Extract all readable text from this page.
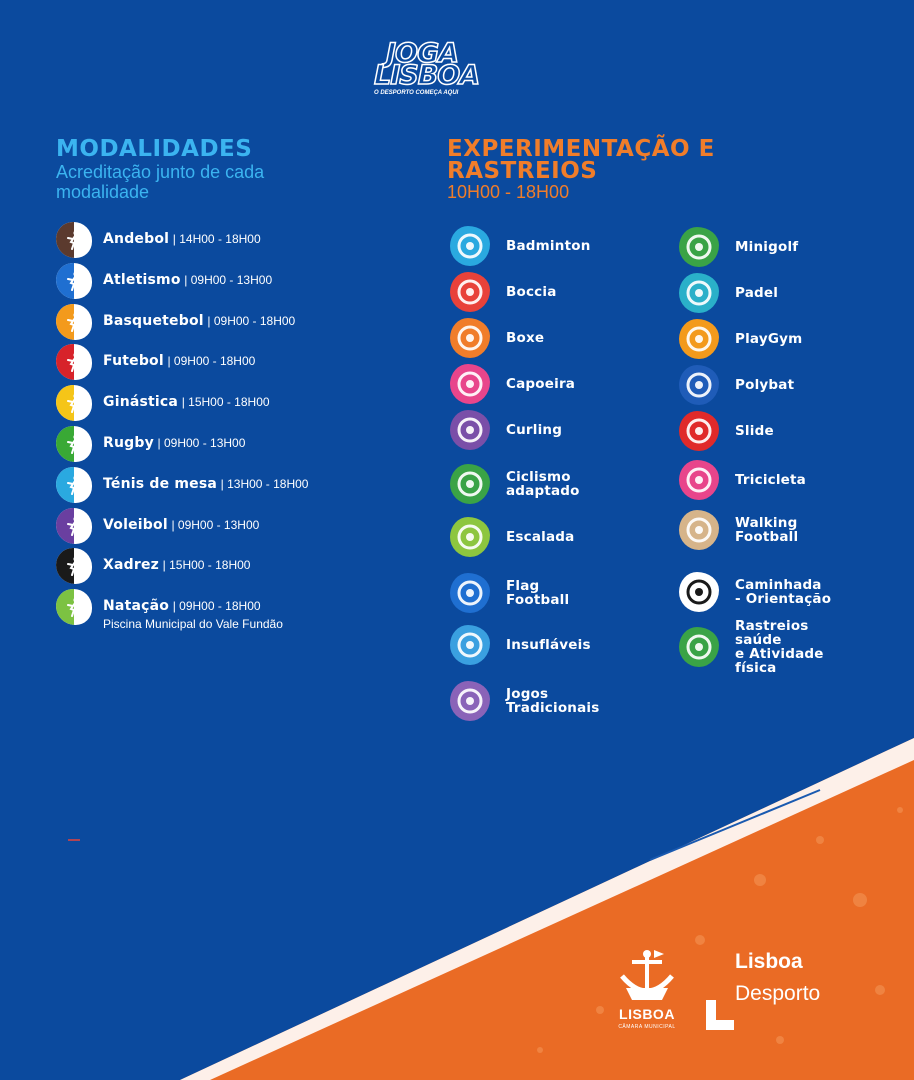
JOGA
LISBOA
O DESPORTO COMEÇA AQUI
MODALIDADES
Acreditação junto de cada modalidade
EXPERIMENTAÇÃO E RASTREIOS
10H00 - 18H00
Andebol | 14H00 - 18H00
Atletismo | 09H00 - 13H00
Basquetebol | 09H00 - 18H00
Futebol | 09H00 - 18H00
Ginástica | 15H00 - 18H00
Rugby | 09H00 - 13H00
Ténis de mesa | 13H00 - 18H00
Voleibol | 09H00 - 13H00
Xadrez | 15H00 - 18H00
Natação | 09H00 - 18H00
Piscina Municipal do Vale Fundão
Badminton
Boccia
Boxe
Capoeira
Curling
Ciclismo
adaptado
Escalada
Flag
Football
Insufláveis
Jogos
Tradicionais
Minigolf
Padel
PlayGym
Polybat
Slide
Tricicleta
Walking
Football
Caminhada
- Orientação
Rastreios
saúde
e Atividade
física
LISBOA
CÂMARA MUNICIPAL
Lisboa
Desporto
